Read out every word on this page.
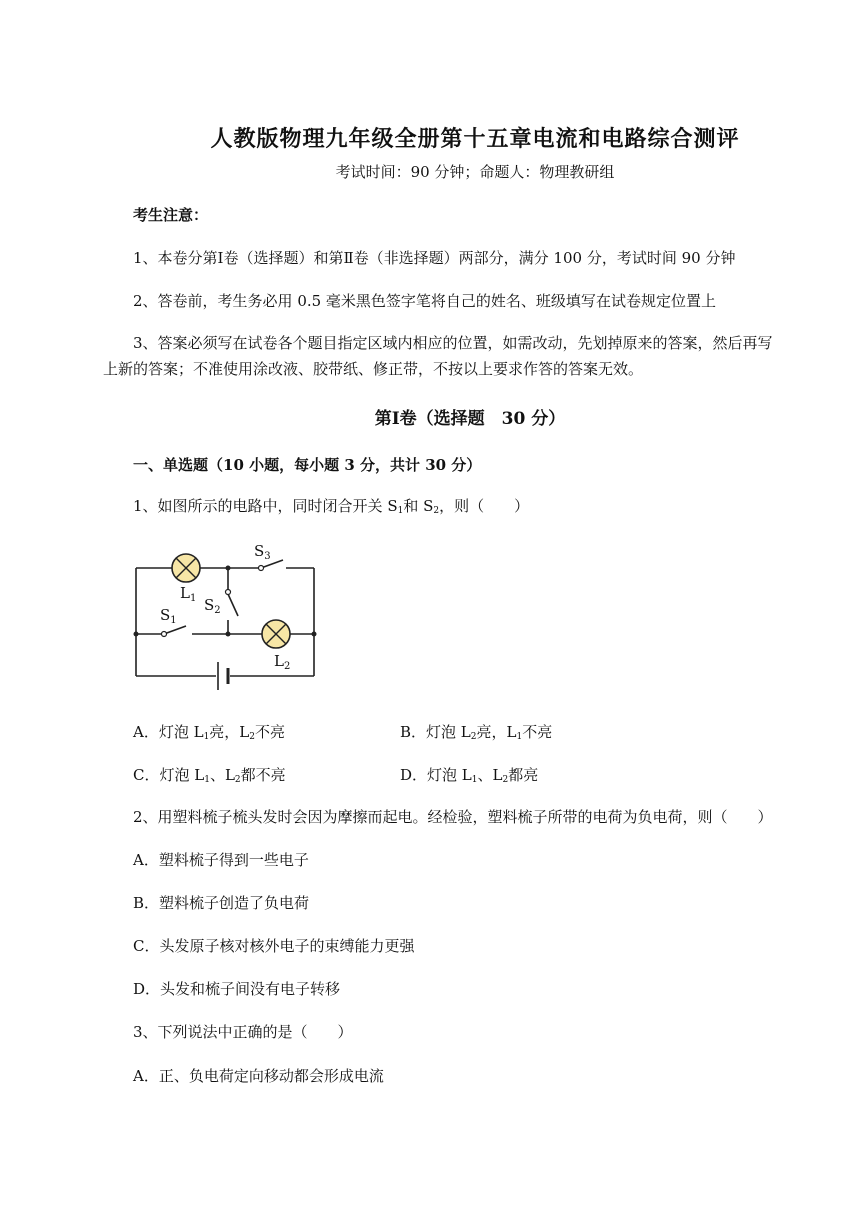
人教版物理九年级全册第十五章电流和电路综合测评
考试时间：90 分钟；命题人：物理教研组
考生注意：
1、本卷分第Ⅰ卷（选择题）和第Ⅱ卷（非选择题）两部分，满分 100 分，考试时间 90 分钟
2、答卷前，考生务必用 0.5 毫米黑色签字笔将自己的姓名、班级填写在试卷规定位置上
3、答案必须写在试卷各个题目指定区域内相应的位置，如需改动，先划掉原来的答案，然后再写
上新的答案；不准使用涂改液、胶带纸、修正带，不按以上要求作答的答案无效。
第Ⅰ卷（选择题　30 分）
一、单选题（10 小题，每小题 3 分，共计 30 分）
1、如图所示的电路中，同时闭合开关 $S_1$和 $S_2$，则（　　）
$S_3$
$L_1$ $S_2$
$S_1$
$L_2$
A．灯泡 $L_1$亮，$L_2$不亮	B．灯泡 $L_2$亮，$L_1$不亮
C．灯泡 $L_1$、$L_2$都不亮	D．灯泡 $L_1$、$L_2$都亮
2、用塑料梳子梳头发时会因为摩擦而起电。经检验，塑料梳子所带的电荷为负电荷，则（　　）
A．塑料梳子得到一些电子
B．塑料梳子创造了负电荷
C．头发原子核对核外电子的束缚能力更强
D．头发和梳子间没有电子转移
3、下列说法中正确的是（　　）
A．正、负电荷定向移动都会形成电流
